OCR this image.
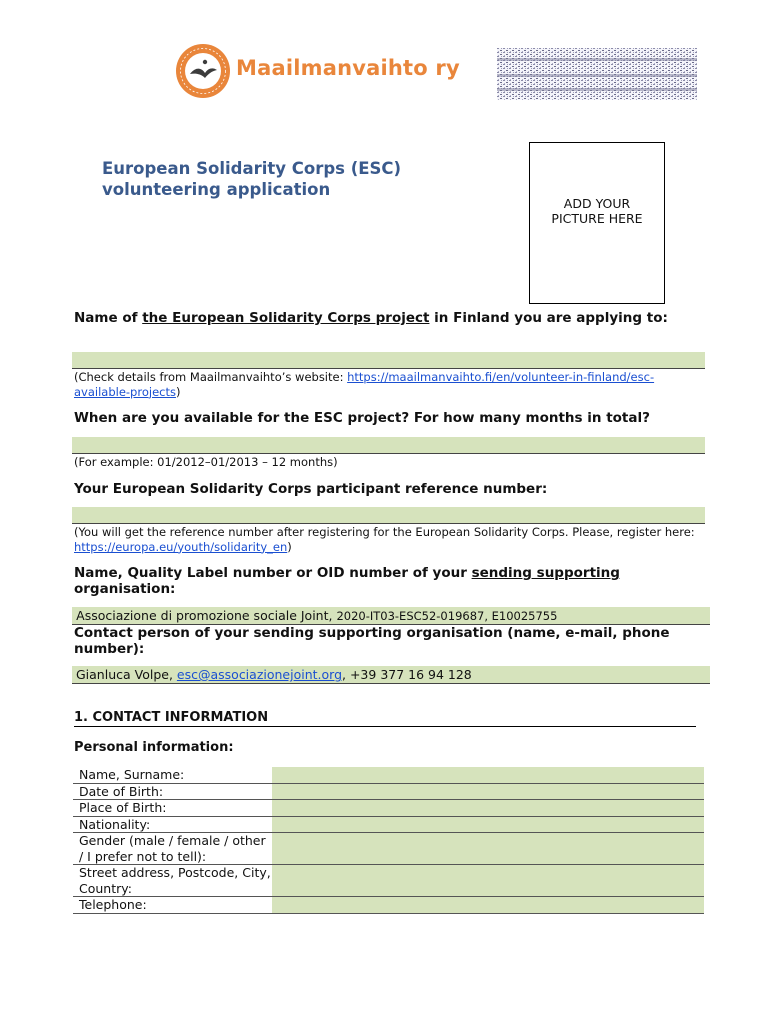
Maailmanvaihto ry
European Solidarity Corps (ESC)
volunteering application
ADD YOUR
PICTURE HERE
Name of the European Solidarity Corps project in Finland you are applying to:
(Check details from Maailmanvaihto’s website: https://maailmanvaihto.fi/en/volunteer-in-finland/esc-available-projects)
When are you available for the ESC project? For how many months in total?
(For example: 01/2012–01/2013 – 12 months)
Your European Solidarity Corps participant reference number:
(You will get the reference number after registering for the European Solidarity Corps. Please, register here: https://europa.eu/youth/solidarity_en)
Name, Quality Label number or OID number of your sending supporting organisation:
Associazione di promozione sociale Joint, 2020-IT03-ESC52-019687, E10025755
Contact person of your sending supporting organisation (name, e-mail, phone number):
Gianluca Volpe, esc@associazionejoint.org, +39 377 16 94 128
1. CONTACT INFORMATION
Personal information:
Name, Surname:	
Date of Birth:	
Place of Birth:	
Nationality:	
Gender (male / female / other / I prefer not to tell):	
Street address, Postcode, City, Country:	
Telephone:	
